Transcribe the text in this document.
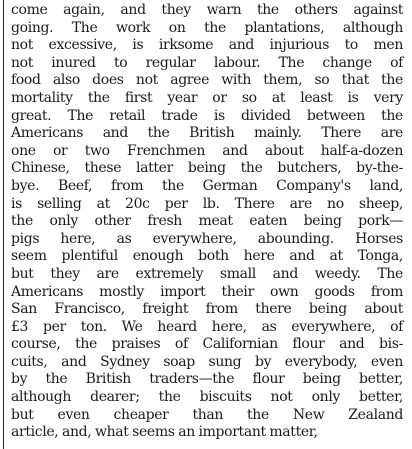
come again, and they warn the others against
going. The work on the plantations, although
not excessive, is irksome and injurious to men
not inured to regular labour. The change of
food also does not agree with them, so that the
mortality the first year or so at least is very
great. The retail trade is divided between the
Americans and the British mainly. There are
one or two Frenchmen and about half-a-dozen
Chinese, these latter being the butchers, by-the-
bye. Beef, from the German Company's land,
is selling at 20c per lb. There are no sheep,
the only other fresh meat eaten being pork—
pigs here, as everywhere, abounding. Horses
seem plentiful enough both here and at Tonga,
but they are extremely small and weedy. The
Americans mostly import their own goods from
San Francisco, freight from there being about
£3 per ton. We heard here, as everywhere, of
course, the praises of Californian flour and bis-
cuits, and Sydney soap sung by everybody, even
by the British traders—the flour being better,
although dearer; the biscuits not only better,
but even cheaper than the New Zealand
article, and, what seems an important matter,
